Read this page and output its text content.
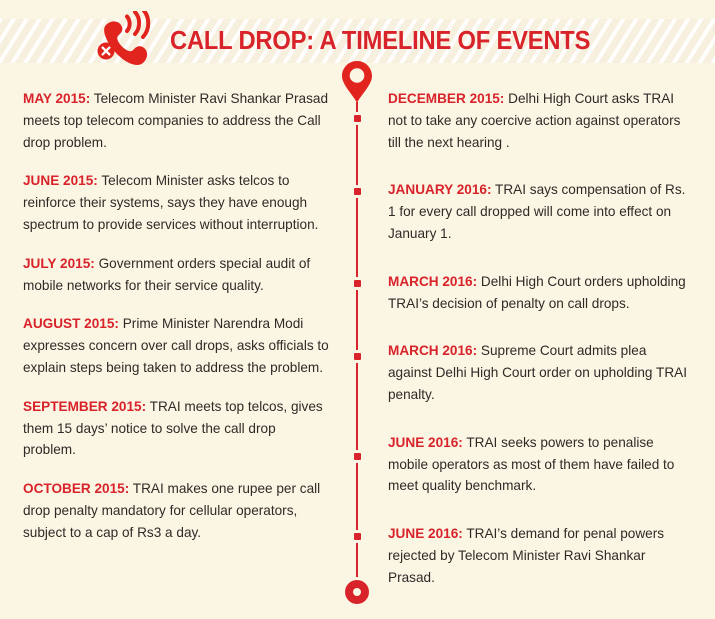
CALL DROP: A TIMELINE OF EVENTS

MAY 2015: Telecom Minister Ravi Shankar Prasad meets top telecom companies to address the Call drop problem.

JUNE 2015: Telecom Minister asks telcos to reinforce their systems, says they have enough spectrum to provide services without interruption.

JULY 2015: Government orders special audit of mobile networks for their service quality.

AUGUST 2015: Prime Minister Narendra Modi expresses concern over call drops, asks officials to explain steps being taken to address the problem.

SEPTEMBER 2015: TRAI meets top telcos, gives them 15 days’ notice to solve the call drop problem.

OCTOBER 2015: TRAI makes one rupee per call drop penalty mandatory for cellular operators, subject to a cap of Rs3 a day.

DECEMBER 2015: Delhi High Court asks TRAI not to take any coercive action against operators till the next hearing .

JANUARY 2016: TRAI says compensation of Rs. 1 for every call dropped will come into effect on January 1.

MARCH 2016: Delhi High Court orders upholding TRAI’s decision of penalty on call drops.

MARCH 2016: Supreme Court admits plea against Delhi High Court order on upholding TRAI penalty.

JUNE 2016: TRAI seeks powers to penalise mobile operators as most of them have failed to meet quality benchmark.

JUNE 2016: TRAI’s demand for penal powers rejected by Telecom Minister Ravi Shankar Prasad.
